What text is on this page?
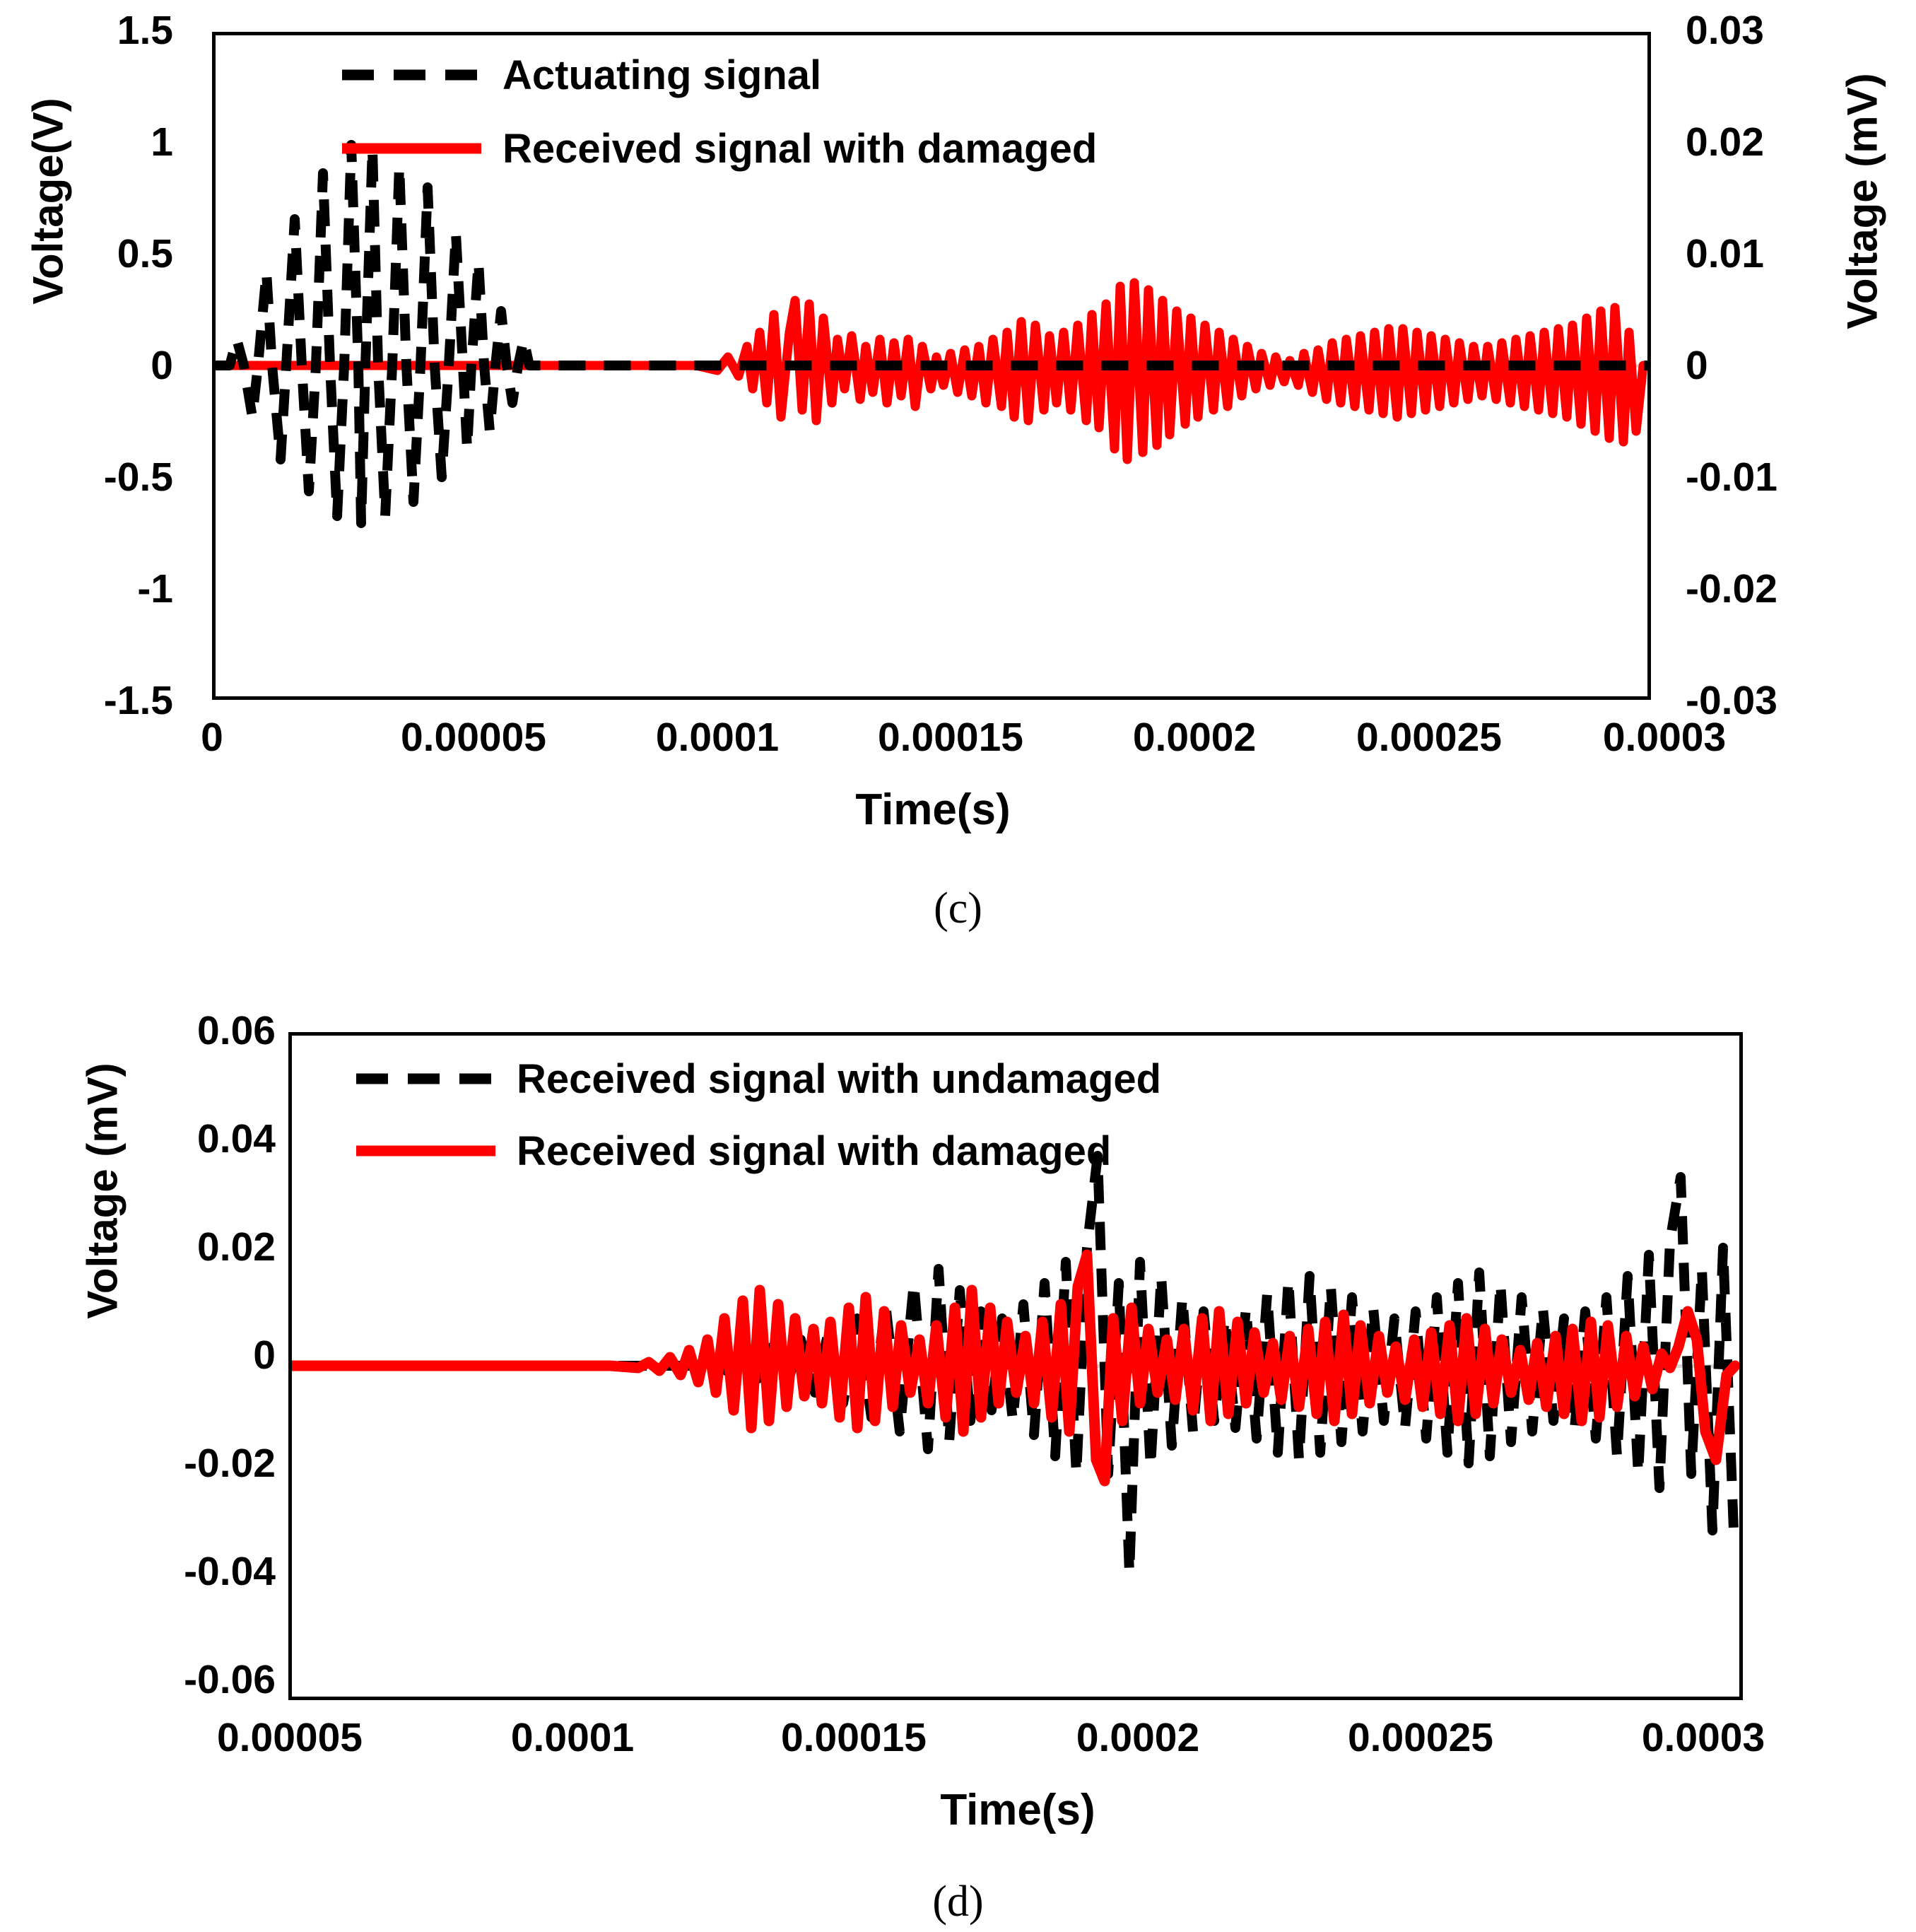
Voltage(V)	Voltage (mV)
1.5
1
0.5
0
-0.5
-1
-1.5
0.03
0.02
0.01
0
-0.01
-0.02
-0.03
Actuating signal
Received signal with damaged
0	0.00005	0.0001	0.00015	0.0002	0.00025	0.0003
Time(s)
(c)
Voltage (mV)
0.06
0.04
0.02
0
-0.02
-0.04
-0.06
Received signal with undamaged
Received signal with damaged
0.00005	0.0001	0.00015	0.0002	0.00025	0.0003
Time(s)
(d)
